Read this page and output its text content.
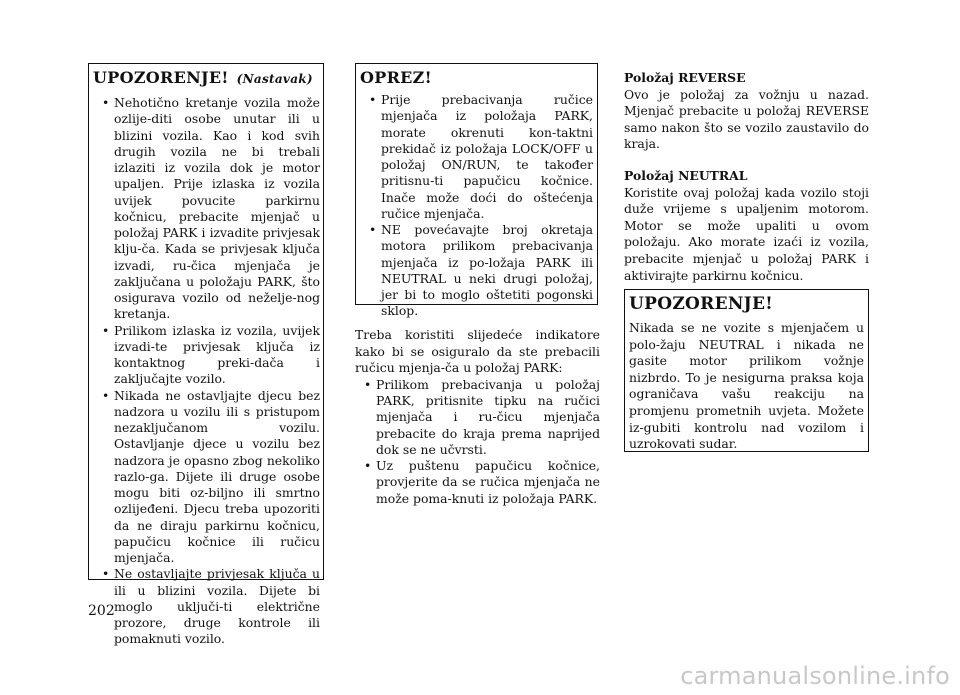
UPOZORENJE! (Nastavak)

• Nehotično kretanje vozila može ozlije-diti osobe unutar ili u blizini vozila. Kao i kod svih drugih vozila ne bi trebali izlaziti iz vozila dok je motor upaljen. Prije izlaska iz vozila uvijek povucite parkirnu kočnicu, prebacite mjenjač u položaj PARK i izvadite privjesak klju-ča. Kada se privjesak ključa izvadi, ru-čica mjenjača je zaključana u položaju PARK, što osigurava vozilo od neželje-nog kretanja.
• Prilikom izlaska iz vozila, uvijek izvadi-te privjesak ključa iz kontaktnog preki-dača i zaključajte vozilo.
• Nikada ne ostavljajte djecu bez nadzora u vozilu ili s pristupom nezaključanom vozilu. Ostavljanje djece u vozilu bez nadzora je opasno zbog nekoliko razlo-ga. Dijete ili druge osobe mogu biti oz-biljno ili smrtno ozlijeđeni. Djecu treba upozoriti da ne diraju parkirnu kočnicu, papučicu kočnice ili ručicu mjenjača.
• Ne ostavljajte privjesak ključa u ili u blizini vozila. Dijete bi moglo uključi-ti električne prozore, druge kontrole ili pomaknuti vozilo.

OPREZ!

• Prije prebacivanja ručice mjenjača iz položaja PARK, morate okrenuti kon-taktni prekidač iz položaja LOCK/OFF u položaj ON/RUN, te također pritisnu-ti papučicu kočnice. Inače može doći do oštećenja ručice mjenjača.
• NE povećavajte broj okretaja motora prilikom prebacivanja mjenjača iz po-ložaja PARK ili NEUTRAL u neki drugi položaj, jer bi to moglo oštetiti pogonski sklop.

Treba koristiti slijedeće indikatore kako bi se osiguralo da ste prebacili ručicu mjenja-ča u položaj PARK:

• Prilikom prebacivanja u položaj PARK, pritisnite tipku na ručici mjenjača i ru-čicu mjenjača prebacite do kraja prema naprijed dok se ne učvrsti.
• Uz puštenu papučicu kočnice, provjerite da se ručica mjenjača ne može poma-knuti iz položaja PARK.

Položaj REVERSE

Ovo je položaj za vožnju u nazad. Mjenjač prebacite u položaj REVERSE samo nakon što se vozilo zaustavilo do kraja.

Položaj NEUTRAL

Koristite ovaj položaj kada vozilo stoji duže vrijeme s upaljenim motorom. Motor se može upaliti u ovom položaju. Ako morate izaći iz vozila, prebacite mjenjač u položaj PARK i aktivirajte parkirnu kočnicu.

UPOZORENJE!

Nikada se ne vozite s mjenjačem u polo-žaju NEUTRAL i nikada ne gasite motor prilikom vožnje nizbrdo. To je nesigurna praksa koja ograničava vašu reakciju na promjenu prometnih uvjeta. Možete iz-gubiti kontrolu nad vozilom i uzrokovati sudar.

202
carmanualsonline.info
